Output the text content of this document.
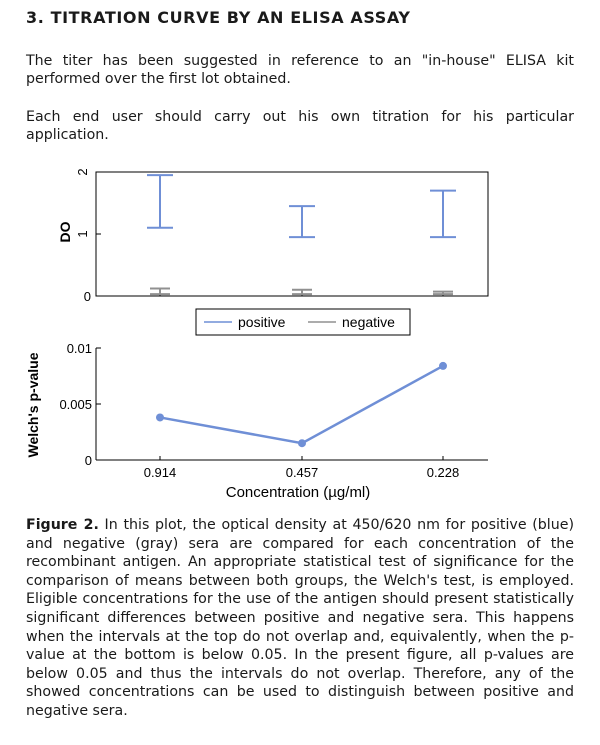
3. TITRATION CURVE BY AN ELISA ASSAY
The titer has been suggested in reference to an "in-house" ELISA kit performed over the first lot obtained.
Each end user should carry out his own titration for his particular application.
0
1
2
DO
positive	negative
0
0.005
0.01
Welch's p-value
0.914	0.457	0.228
Concentration (µg/ml)
Figure 2. In this plot, the optical density at 450/620 nm for positive (blue) and negative (gray) sera are compared for each concentration of the recombinant antigen. An appropriate statistical test of significance for the comparison of means between both groups, the Welch's test, is employed. Eligible concentrations for the use of the antigen should present statistically significant differences between positive and negative sera. This happens when the intervals at the top do not overlap and, equivalently, when the p-value at the bottom is below 0.05. In the present figure, all p-values are below 0.05 and thus the intervals do not overlap. Therefore, any of the showed concentrations can be used to distinguish between positive and negative sera.
